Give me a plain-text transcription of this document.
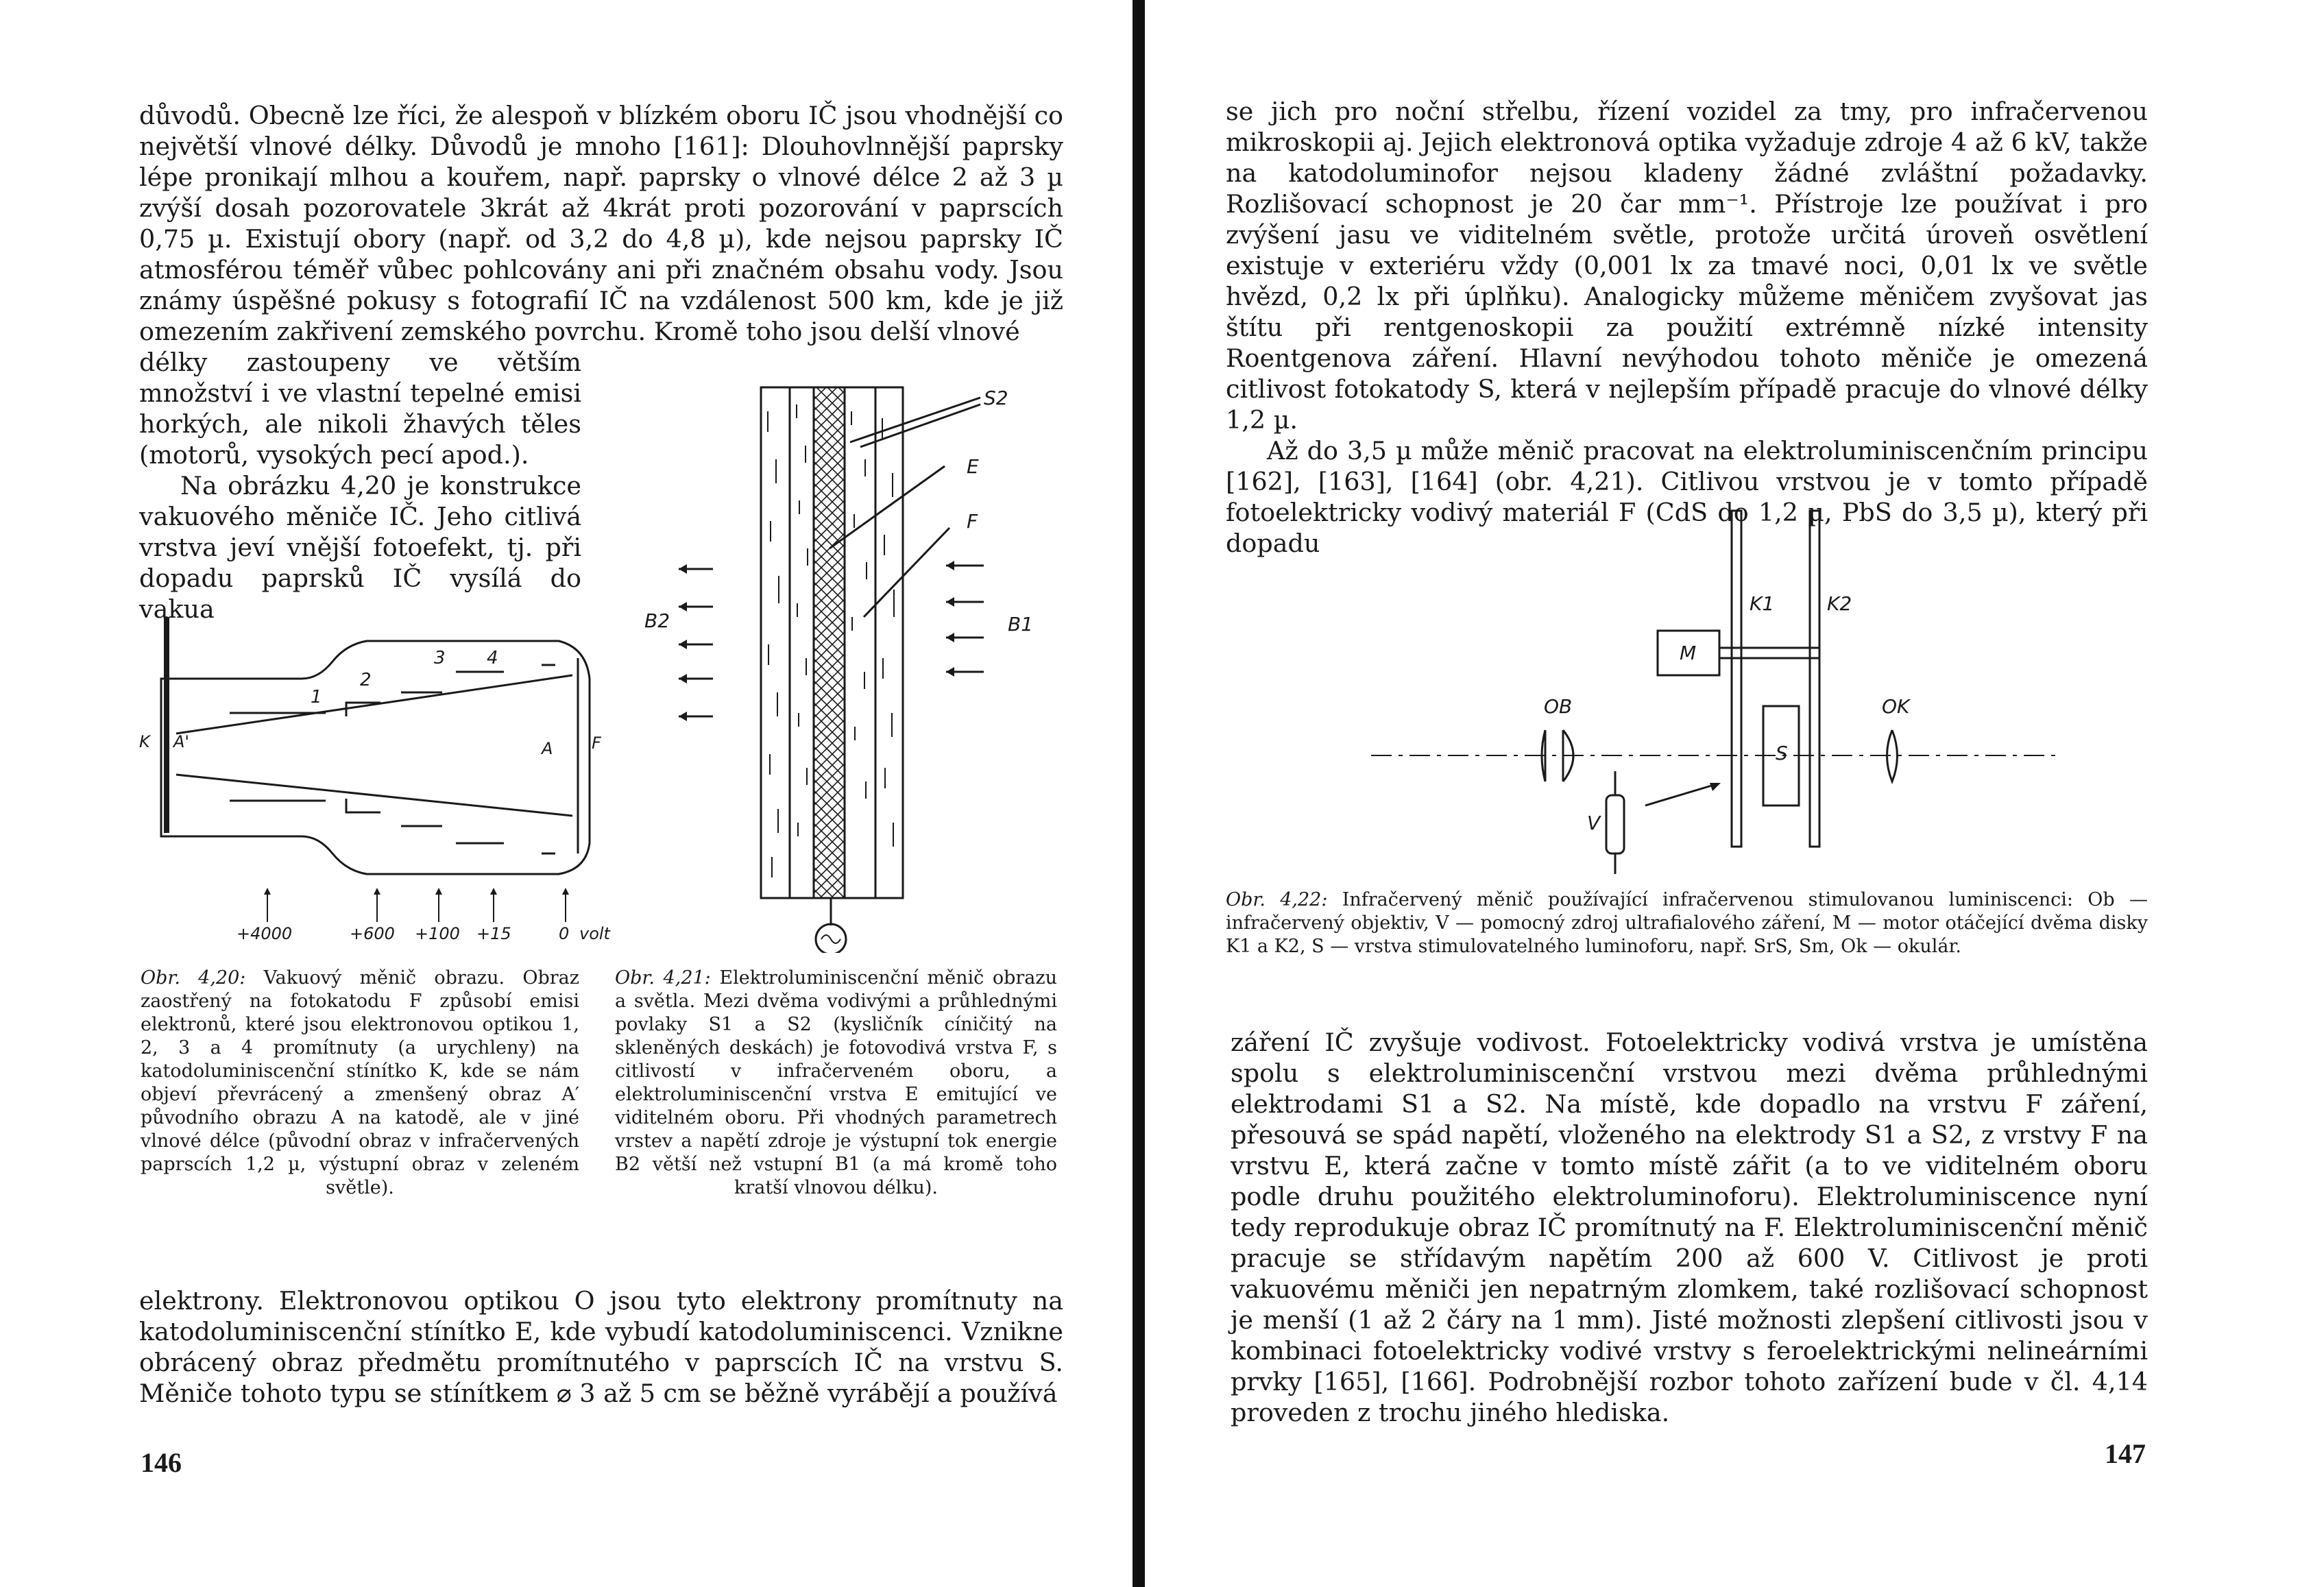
důvodů. Obecně lze říci, že alespoň v blízkém oboru IČ jsou vhodnější co největší vlnové délky. Důvodů je mnoho [161]: Dlouhovlnnější paprsky lépe pronikají mlhou a kouřem, např. paprsky o vlnové délce 2 až 3 µ zvýší dosah pozorovatele 3krát až 4krát proti pozorování v paprscích 0,75 µ. Existují obory (např. od 3,2 do 4,8 µ), kde nejsou paprsky IČ atmosférou téměř vůbec pohlcovány ani při značném obsahu vody. Jsou známy úspěšné pokusy s fotografií IČ na vzdálenost 500 km, kde je již omezením zakřivení zemského povrchu. Kromě toho jsou delší vlnové

délky zastoupeny ve větším množství i ve vlastní tepelné emisi horkých, ale nikoli žhavých těles (motorů, vysokých pecí apod.).

Na obrázku 4,20 je konstrukce vakuového měniče IČ. Jeho citlivá vrstva jeví vnější fotoefekt, tj. při dopadu paprsků IČ vysílá do vakua

1
2
3 4
K A'	A F
+4000	+600 +100 +15	0 volt
S2
E
F
B2	B1

Obr. 4,20: Vakuový měnič obrazu. Obraz zaostřený na fotokatodu F způsobí emisi elektronů, které jsou elektronovou optikou 1, 2, 3 a 4 promítnuty (a urychleny) na katodoluminiscenční stínítko K, kde se nám objeví převrácený a zmenšený obraz A′ původního obrazu A na katodě, ale v jiné vlnové délce (původní obraz v infračervených paprscích 1,2 µ, výstupní obraz v zeleném světle).

Obr. 4,21: Elektroluminiscenční měnič obrazu a světla. Mezi dvěma vodivými a průhlednými povlaky S1 a S2 (kysličník cíničitý na skleněných deskách) je fotovodivá vrstva F, s citlivostí v infračerveném oboru, a elektroluminiscenční vrstva E emitující ve viditelném oboru. Při vhodných parametrech vrstev a napětí zdroje je výstupní tok energie B2 větší než vstupní B1 (a má kromě toho kratší vlnovou délku).

elektrony. Elektronovou optikou O jsou tyto elektrony promítnuty na katodoluminiscenční stínítko E, kde vybudí katodoluminiscenci. Vznikne obrácený obraz předmětu promítnutého v paprscích IČ na vrstvu S. Měniče tohoto typu se stínítkem ⌀ 3 až 5 cm se běžně vyrábějí a používá

146

se jich pro noční střelbu, řízení vozidel za tmy, pro infračervenou mikroskopii aj. Jejich elektronová optika vyžaduje zdroje 4 až 6 kV, takže na katodoluminofor nejsou kladeny žádné zvláštní požadavky. Rozlišovací schopnost je 20 čar mm⁻¹. Přístroje lze používat i pro zvýšení jasu ve viditelném světle, protože určitá úroveň osvětlení existuje v exteriéru vždy (0,001 lx za tmavé noci, 0,01 lx ve světle hvězd, 0,2 lx při úplňku). Analogicky můžeme měničem zvyšovat jas štítu při rentgenoskopii za použití extrémně nízké intensity Roentgenova záření. Hlavní nevýhodou tohoto měniče je omezená citlivost fotokatody S, která v nejlepším případě pracuje do vlnové délky 1,2 µ.

Až do 3,5 µ může měnič pracovat na elektroluminiscenčním principu [162], [163], [164] (obr. 4,21). Citlivou vrstvou je v tomto případě fotoelektricky vodivý materiál F (CdS do 1,2 µ, PbS do 3,5 µ), který při dopadu

K1	K2
M
OB	OK
S
V

Obr. 4,22: Infračervený měnič používající infračervenou stimulovanou luminiscenci: Ob — infračervený objektiv, V — pomocný zdroj ultrafialového záření, M — motor otáčející dvěma disky K1 a K2, S — vrstva stimulovatelného luminoforu, např. SrS, Sm, Ok — okulár.

záření IČ zvyšuje vodivost. Fotoelektricky vodivá vrstva je umístěna spolu s elektroluminiscenční vrstvou mezi dvěma průhlednými elektrodami S1 a S2. Na místě, kde dopadlo na vrstvu F záření, přesouvá se spád napětí, vloženého na elektrody S1 a S2, z vrstvy F na vrstvu E, která začne v tomto místě zářit (a to ve viditelném oboru podle druhu použitého elektroluminoforu). Elektroluminiscence nyní tedy reprodukuje obraz IČ promítnutý na F. Elektroluminiscenční měnič pracuje se střídavým napětím 200 až 600 V. Citlivost je proti vakuovému měniči jen nepatrným zlomkem, také rozlišovací schopnost je menší (1 až 2 čáry na 1 mm). Jisté možnosti zlepšení citlivosti jsou v kombinaci fotoelektricky vodivé vrstvy s feroelektrickými nelineárními prvky [165], [166]. Podrobnější rozbor tohoto zařízení bude v čl. 4,14 proveden z trochu jiného hlediska.

147
